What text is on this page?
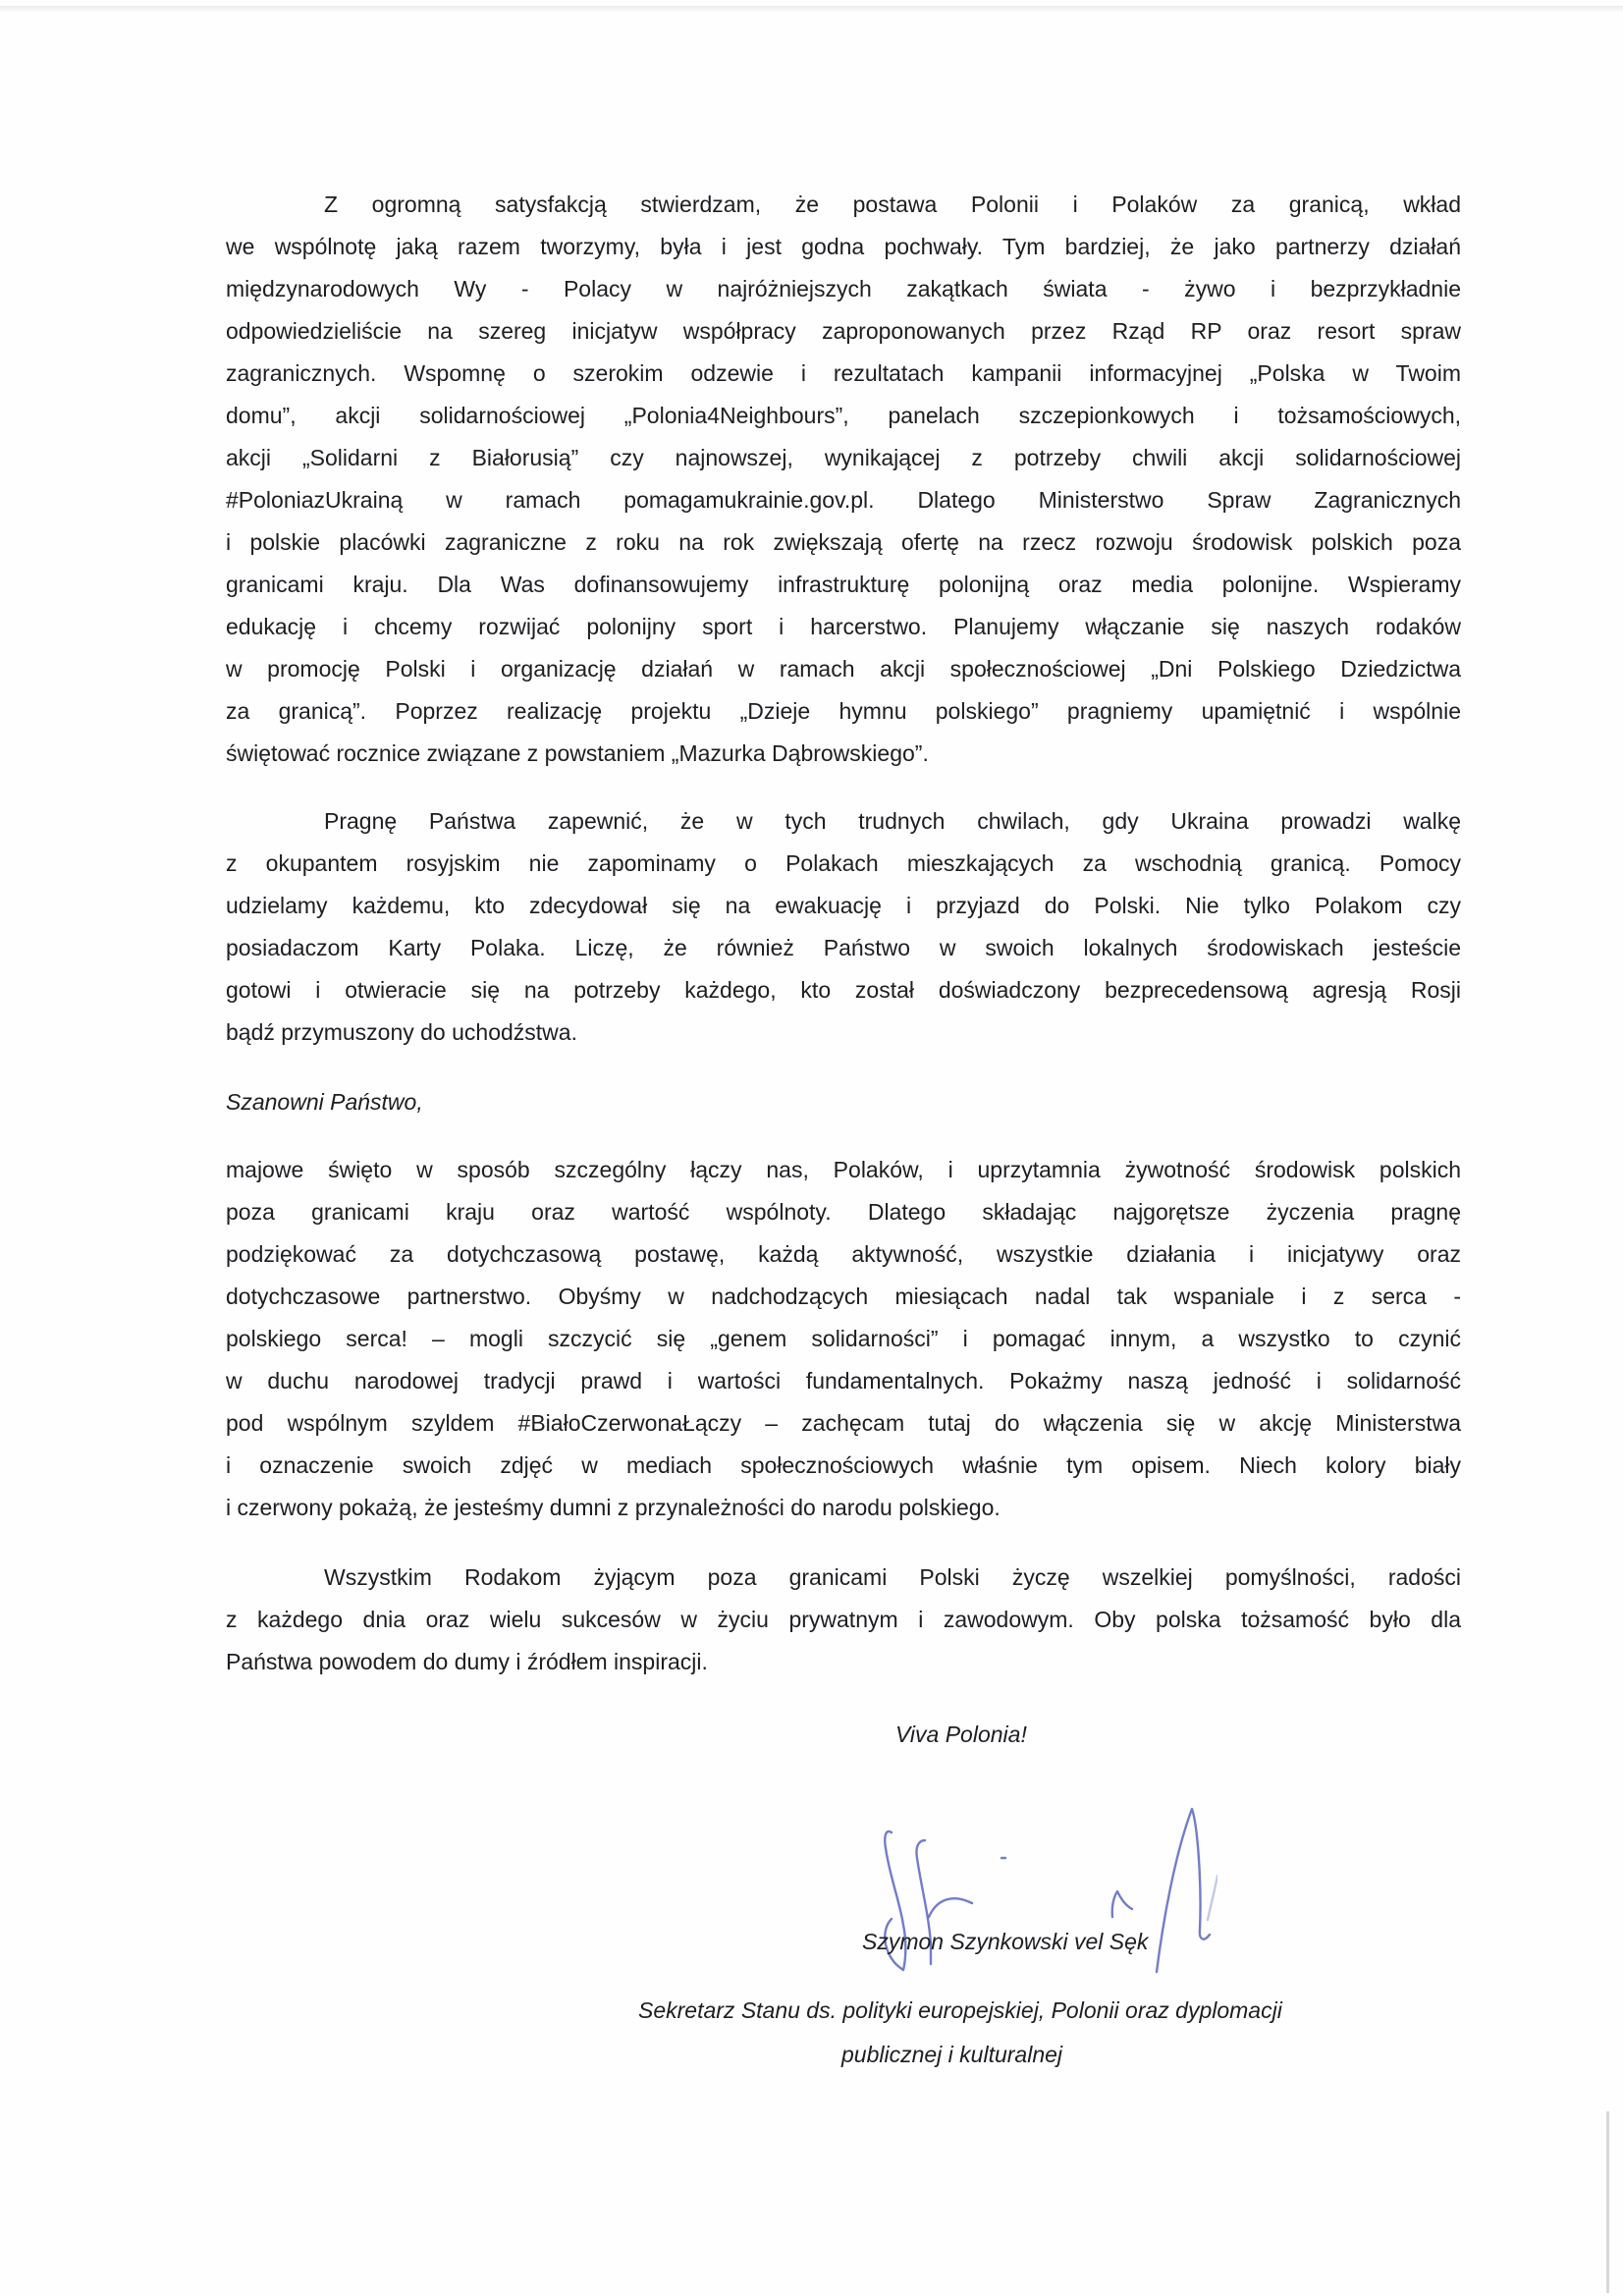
Z ogromną satysfakcją stwierdzam, że postawa Polonii i Polaków za granicą, wkład
we wspólnotę jaką razem tworzymy, była i jest godna pochwały. Tym bardziej, że jako partnerzy działań
międzynarodowych Wy - Polacy w najróżniejszych zakątkach świata - żywo i bezprzykładnie
odpowiedzieliście na szereg inicjatyw współpracy zaproponowanych przez Rząd RP oraz resort spraw
zagranicznych. Wspomnę o szerokim odzewie i rezultatach kampanii informacyjnej „Polska w Twoim
domu”, akcji solidarnościowej „Polonia4Neighbours”, panelach szczepionkowych i tożsamościowych,
akcji „Solidarni z Białorusią” czy najnowszej, wynikającej z potrzeby chwili akcji solidarnościowej
#PoloniazUkrainą w ramach pomagamukrainie.gov.pl. Dlatego Ministerstwo Spraw Zagranicznych
i polskie placówki zagraniczne z roku na rok zwiększają ofertę na rzecz rozwoju środowisk polskich poza
granicami kraju. Dla Was dofinansowujemy infrastrukturę polonijną oraz media polonijne. Wspieramy
edukację i chcemy rozwijać polonijny sport i harcerstwo. Planujemy włączanie się naszych rodaków
w promocję Polski i organizację działań w ramach akcji społecznościowej „Dni Polskiego Dziedzictwa
za granicą”. Poprzez realizację projektu „Dzieje hymnu polskiego” pragniemy upamiętnić i wspólnie
świętować rocznice związane z powstaniem „Mazurka Dąbrowskiego”.
Pragnę Państwa zapewnić, że w tych trudnych chwilach, gdy Ukraina prowadzi walkę
z okupantem rosyjskim nie zapominamy o Polakach mieszkających za wschodnią granicą. Pomocy
udzielamy każdemu, kto zdecydował się na ewakuację i przyjazd do Polski. Nie tylko Polakom czy
posiadaczom Karty Polaka. Liczę, że również Państwo w swoich lokalnych środowiskach jesteście
gotowi i otwieracie się na potrzeby każdego, kto został doświadczony bezprecedensową agresją Rosji
bądź przymuszony do uchodźstwa.
Szanowni Państwo,
majowe święto w sposób szczególny łączy nas, Polaków, i uprzytamnia żywotność środowisk polskich
poza granicami kraju oraz wartość wspólnoty. Dlatego składając najgorętsze życzenia pragnę
podziękować za dotychczasową postawę, każdą aktywność, wszystkie działania i inicjatywy oraz
dotychczasowe partnerstwo. Obyśmy w nadchodzących miesiącach nadal tak wspaniale i z serca -
polskiego serca! – mogli szczycić się „genem solidarności” i pomagać innym, a wszystko to czynić
w duchu narodowej tradycji prawd i wartości fundamentalnych. Pokażmy naszą jedność i solidarność
pod wspólnym szyldem #BiałoCzerwonaŁączy – zachęcam tutaj do włączenia się w akcję Ministerstwa
i oznaczenie swoich zdjęć w mediach społecznościowych właśnie tym opisem. Niech kolory biały
i czerwony pokażą, że jesteśmy dumni z przynależności do narodu polskiego.
Wszystkim Rodakom żyjącym poza granicami Polski życzę wszelkiej pomyślności, radości
z każdego dnia oraz wielu sukcesów w życiu prywatnym i zawodowym. Oby polska tożsamość było dla
Państwa powodem do dumy i źródłem inspiracji.
Viva Polonia!
Szymon Szynkowski vel Sęk
Sekretarz Stanu ds. polityki europejskiej, Polonii oraz dyplomacji
publicznej i kulturalnej
